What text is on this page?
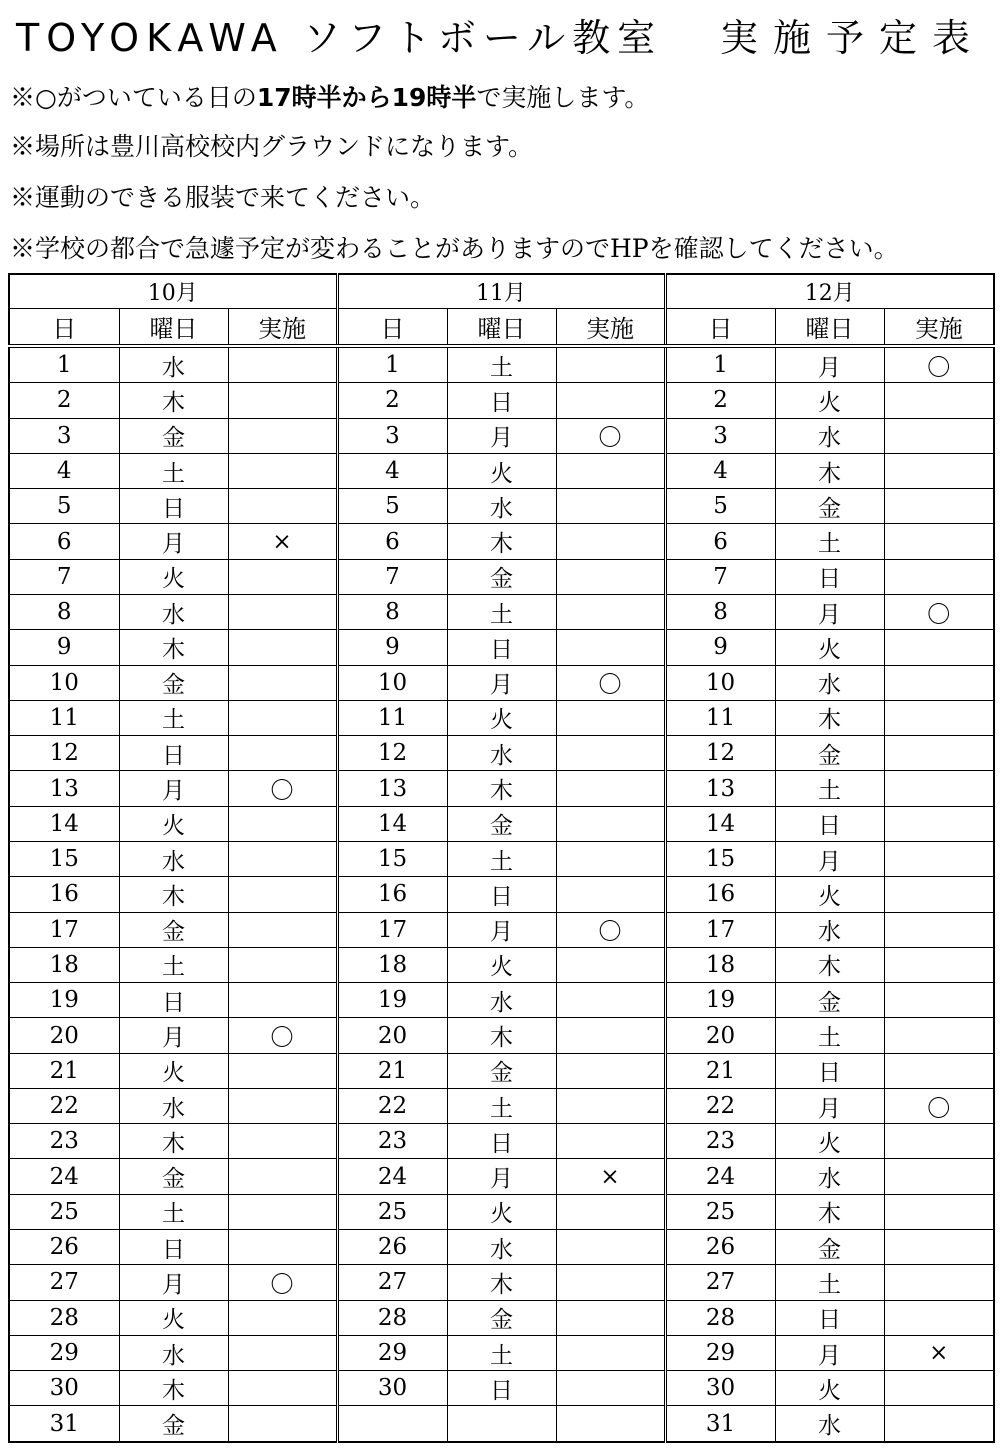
TOYOKAWA ソフトボール教室 実施予定表
※○がついている日の17時半から19時半で実施します。
※場所は豊川高校校内グラウンドになります。
※運動のできる服装で来てください。
※学校の都合で急遽予定が変わることがありますのでHPを確認してください。
10月			11月			12月		
日	曜日	実施	日	曜日	実施	日	曜日	実施
1	水		1	土		1	月	〇
2	木		2	日		2	火	
3	金		3	月	〇	3	水	
4	土		4	火		4	木	
5	日		5	水		5	金	
6	月	×	6	木		6	土	
7	火		7	金		7	日	
8	水		8	土		8	月	〇
9	木		9	日		9	火	
10	金		10	月	〇	10	水	
11	土		11	火		11	木	
12	日		12	水		12	金	
13	月	〇	13	木		13	土	
14	火		14	金		14	日	
15	水		15	土		15	月	
16	木		16	日		16	火	
17	金		17	月	〇	17	水	
18	土		18	火		18	木	
19	日		19	水		19	金	
20	月	〇	20	木		20	土	
21	火		21	金		21	日	
22	水		22	土		22	月	〇
23	木		23	日		23	火	
24	金		24	月	×	24	水	
25	土		25	火		25	木	
26	日		26	水		26	金	
27	月	〇	27	木		27	土	
28	火		28	金		28	日	
29	水		29	土		29	月	×
30	木		30	日		30	火	
31	金					31	水	
